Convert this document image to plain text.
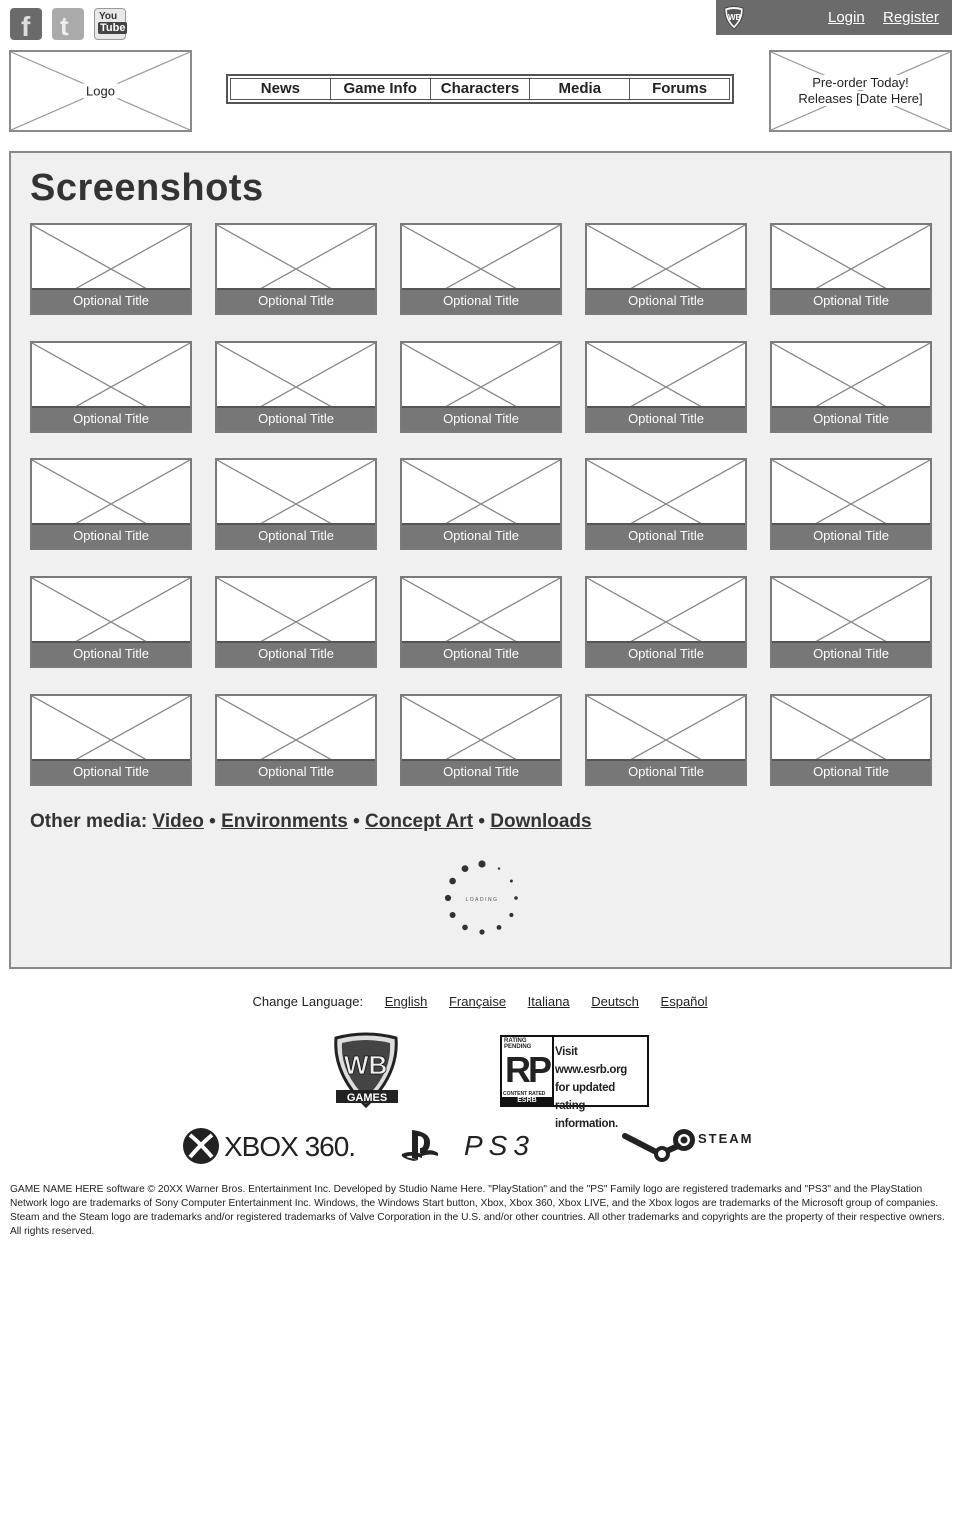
f t	You
Tube
WB	Login Register
Logo	News	Game Info	Characters	Media	Forums	Pre-order Today!
Releases [Date Here]
Screenshots
Optional Title	Optional Title	Optional Title	Optional Title	Optional Title
Optional Title	Optional Title	Optional Title	Optional Title	Optional Title
Optional Title	Optional Title	Optional Title	Optional Title	Optional Title
Optional Title	Optional Title	Optional Title	Optional Title	Optional Title
Optional Title	Optional Title	Optional Title	Optional Title	Optional Title
Other media: Video • Environments • Concept Art • Downloads
LOADING
Change Language: English Française Italiana Deutsch Español
WB
GAMES
RATING PENDING
RP
CONTENT RATED
ESRB
Visit www.esrb.org
for updated rating
information.
XBOX 360.	PS3	STEAM
GAME NAME HERE software © 20XX Warner Bros. Entertainment Inc. Developed by Studio Name Here. "PlayStation" and the "PS" Family logo are registered trademarks and "PS3" and the PlayStation Network logo are trademarks of Sony Computer Entertainment Inc. Windows, the Windows Start button, Xbox, Xbox 360, Xbox LIVE, and the Xbox logos are trademarks of the Microsoft group of companies. Steam and the Steam logo are trademarks and/or registered trademarks of Valve Corporation in the U.S. and/or other countries. All other trademarks and copyrights are the property of their respective owners. All rights reserved.
